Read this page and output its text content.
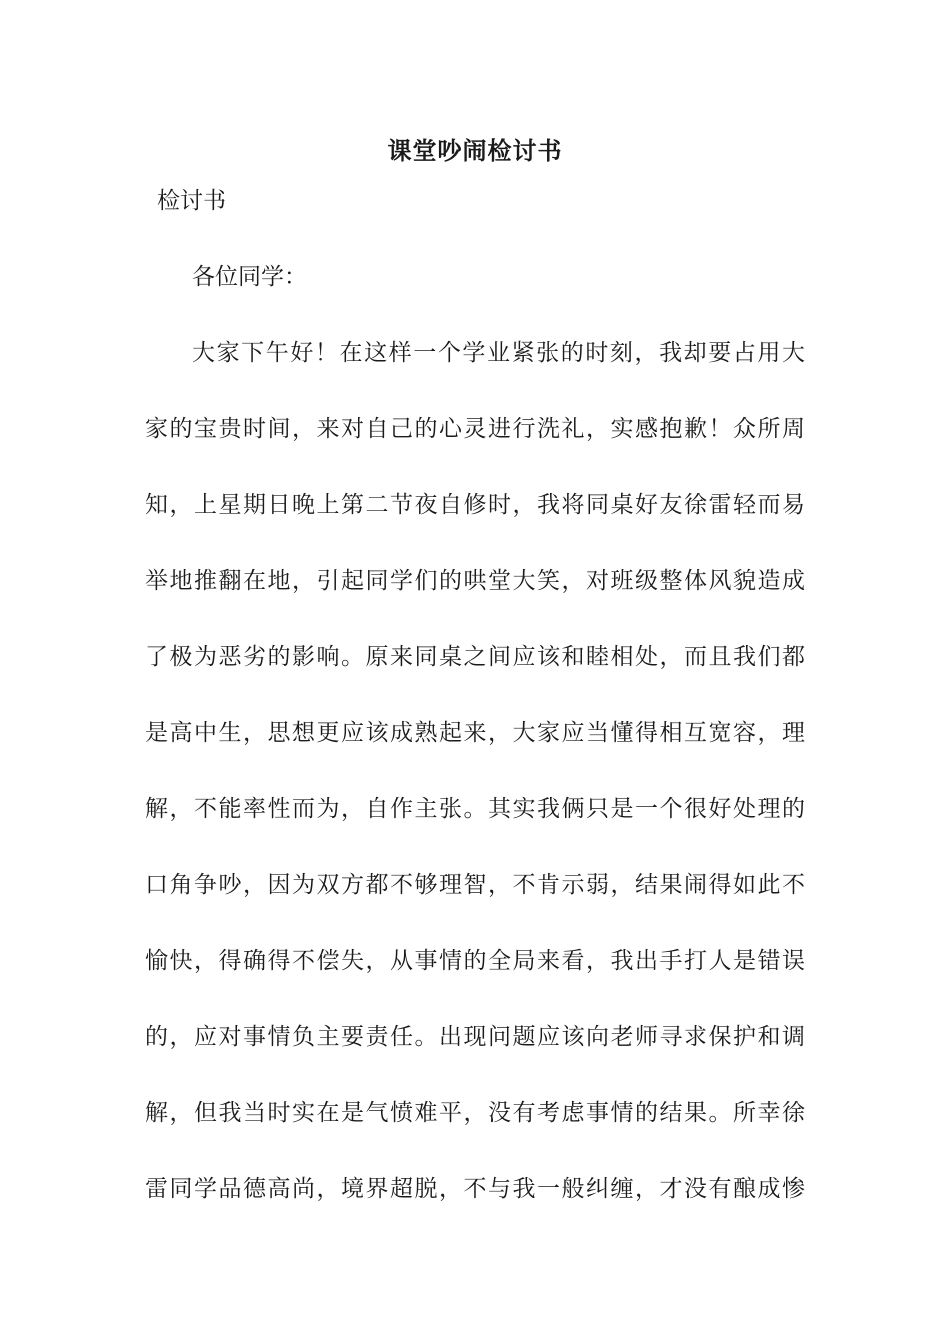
课堂吵闹检讨书

检讨书

各位同学：

大家下午好！在这样一个学业紧张的时刻，我却要占用大
家的宝贵时间，来对自己的心灵进行洗礼，实感抱歉！众所周
知，上星期日晚上第二节夜自修时，我将同桌好友徐雷轻而易
举地推翻在地，引起同学们的哄堂大笑，对班级整体风貌造成
了极为恶劣的影响。原来同桌之间应该和睦相处，而且我们都
是高中生，思想更应该成熟起来，大家应当懂得相互宽容，理
解，不能率性而为，自作主张。其实我俩只是一个很好处理的
口角争吵，因为双方都不够理智，不肯示弱，结果闹得如此不
愉快，得确得不偿失，从事情的全局来看，我出手打人是错误
的，应对事情负主要责任。出现问题应该向老师寻求保护和调
解，但我当时实在是气愤难平，没有考虑事情的结果。所幸徐
雷同学品德高尚，境界超脱，不与我一般纠缠，才没有酿成惨
